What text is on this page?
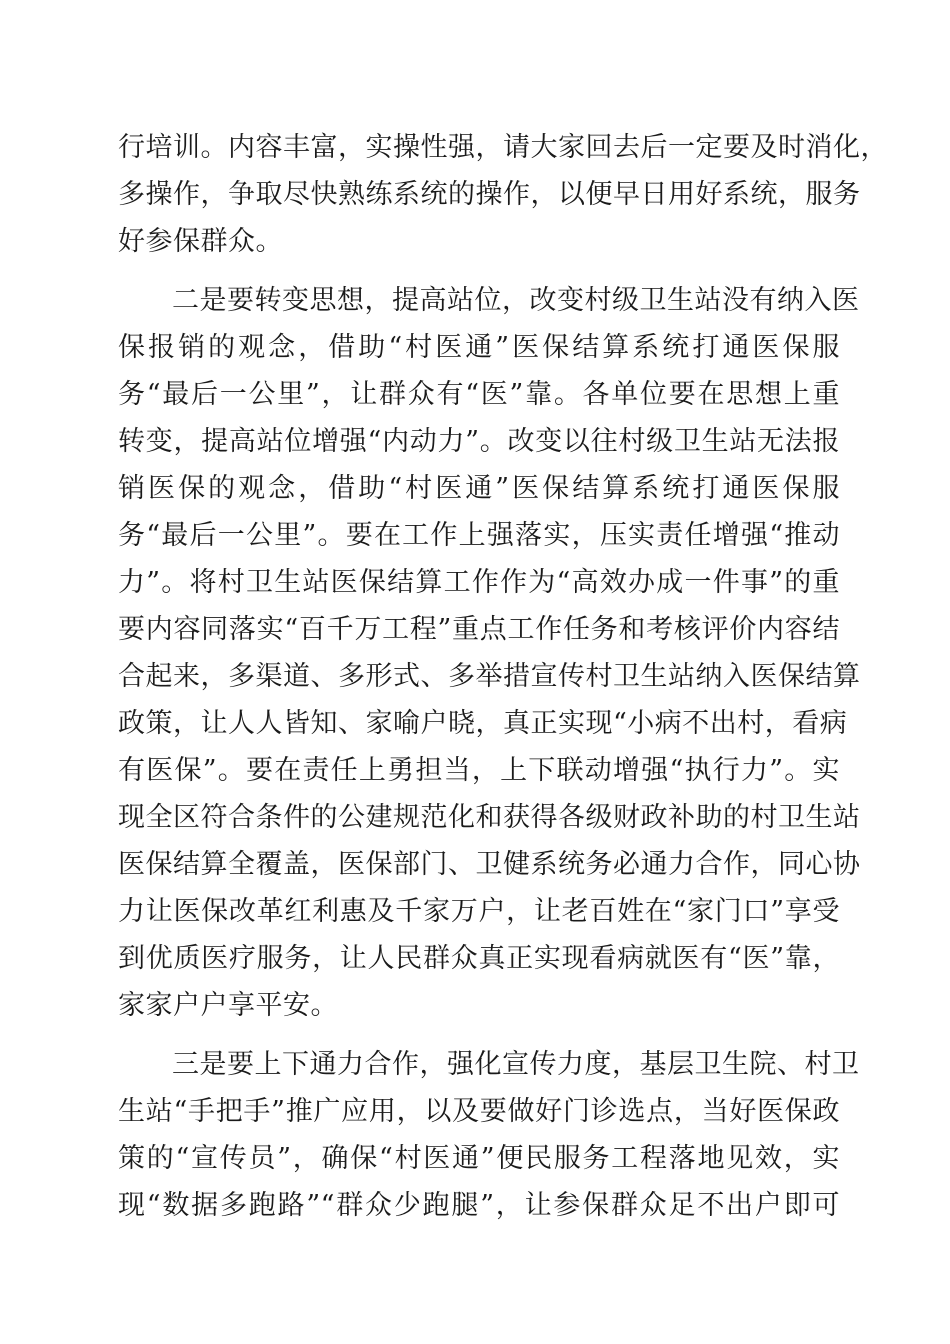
行培训。内容丰富，实操性强，请大家回去后一定要及时消化，
多操作，争取尽快熟练系统的操作，以便早日用好系统，服务
好参保群众。
二是要转变思想，提高站位，改变村级卫生站没有纳入医
保报销的观念，借助“村医通”医保结算系统打通医保服
务“最后一公里”，让群众有“医”靠。各单位要在思想上重
转变，提高站位增强“内动力”。改变以往村级卫生站无法报
销医保的观念，借助“村医通”医保结算系统打通医保服
务“最后一公里”。要在工作上强落实，压实责任增强“推动
力”。将村卫生站医保结算工作作为“高效办成一件事”的重
要内容同落实“百千万工程”重点工作任务和考核评价内容结
合起来，多渠道、多形式、多举措宣传村卫生站纳入医保结算
政策，让人人皆知、家喻户晓，真正实现“小病不出村，看病
有医保”。要在责任上勇担当，上下联动增强“执行力”。实
现全区符合条件的公建规范化和获得各级财政补助的村卫生站
医保结算全覆盖，医保部门、卫健系统务必通力合作，同心协
力让医保改革红利惠及千家万户，让老百姓在“家门口”享受
到优质医疗服务，让人民群众真正实现看病就医有“医”靠，
家家户户享平安。
三是要上下通力合作，强化宣传力度，基层卫生院、村卫
生站“手把手”推广应用，以及要做好门诊选点，当好医保政
策的“宣传员”，确保“村医通”便民服务工程落地见效，实
现“数据多跑路”“群众少跑腿”，让参保群众足不出户即可
